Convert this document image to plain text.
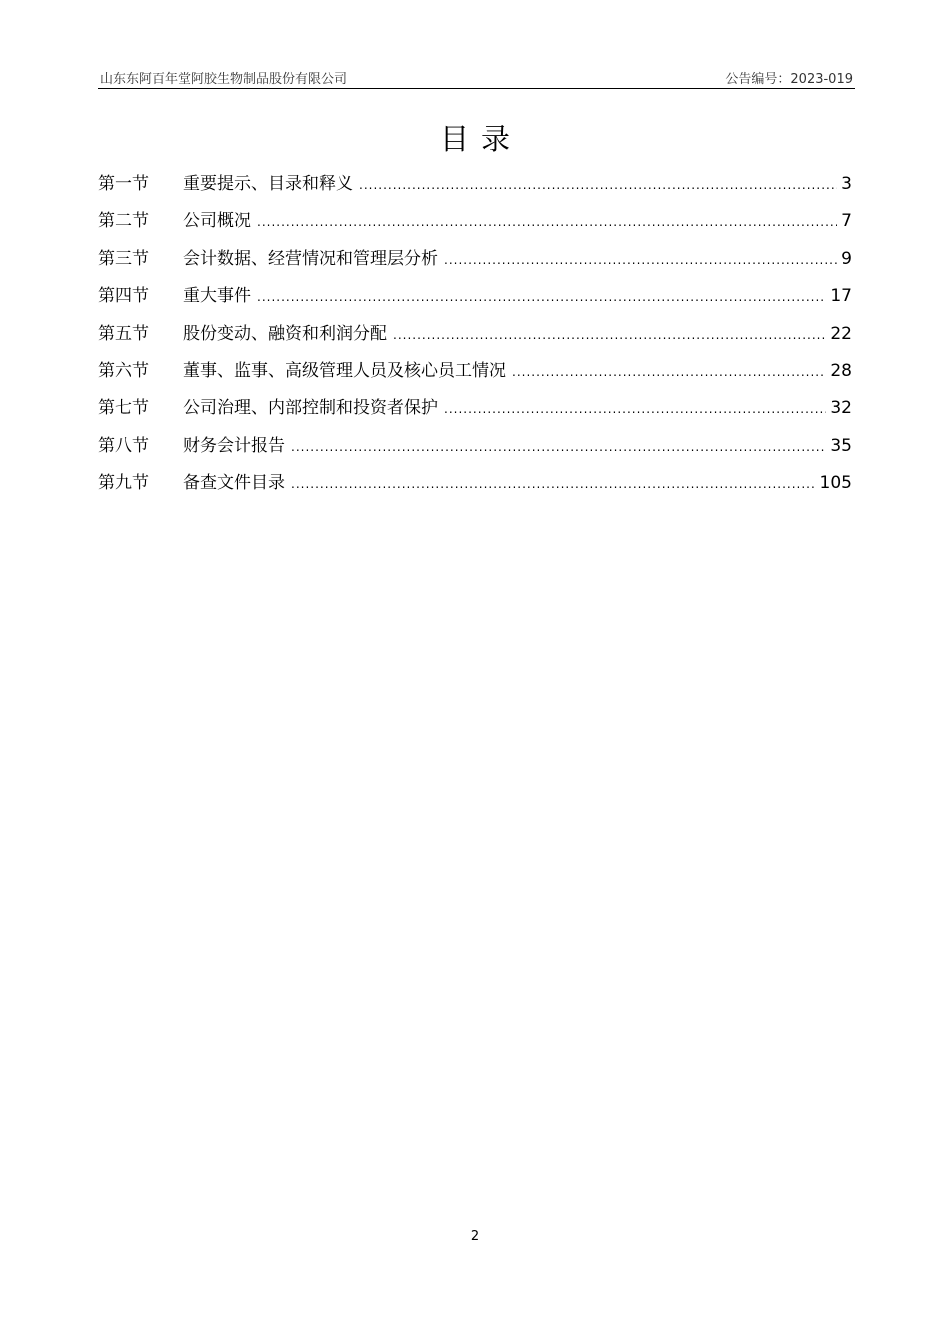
山东东阿百年堂阿胶生物制品股份有限公司	公告编号：2023-019
目录
第一节	重要提示、目录和释义 .....	3
第二节	公司概况 .....	7
第三节	会计数据、经营情况和管理层分析 .....	9
第四节	重大事件 .....	17
第五节	股份变动、融资和利润分配 .....	22
第六节	董事、监事、高级管理人员及核心员工情况 .....	28
第七节	公司治理、内部控制和投资者保护 .....	32
第八节	财务会计报告 .....	35
第九节	备查文件目录 .....	105
2
